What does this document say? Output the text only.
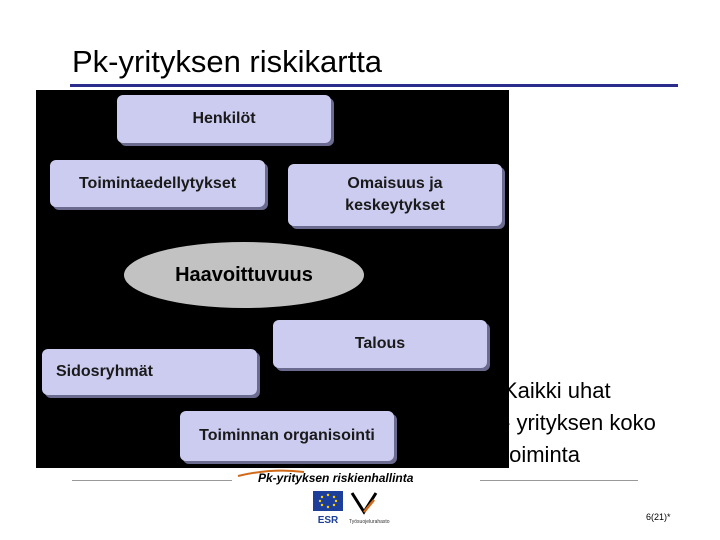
Pk-yrityksen riskikartta
Henkilöt
Toimintaedellytykset	Omaisuus ja
keskeytykset
Haavoittuvuus
Talous
Sidosryhmät
Toiminnan organisointi
Kaikki uhat
- yrityksen koko
toiminta
Pk-yrityksen riskienhallinta
ESR Työsuojelurahasto	6(21)*
